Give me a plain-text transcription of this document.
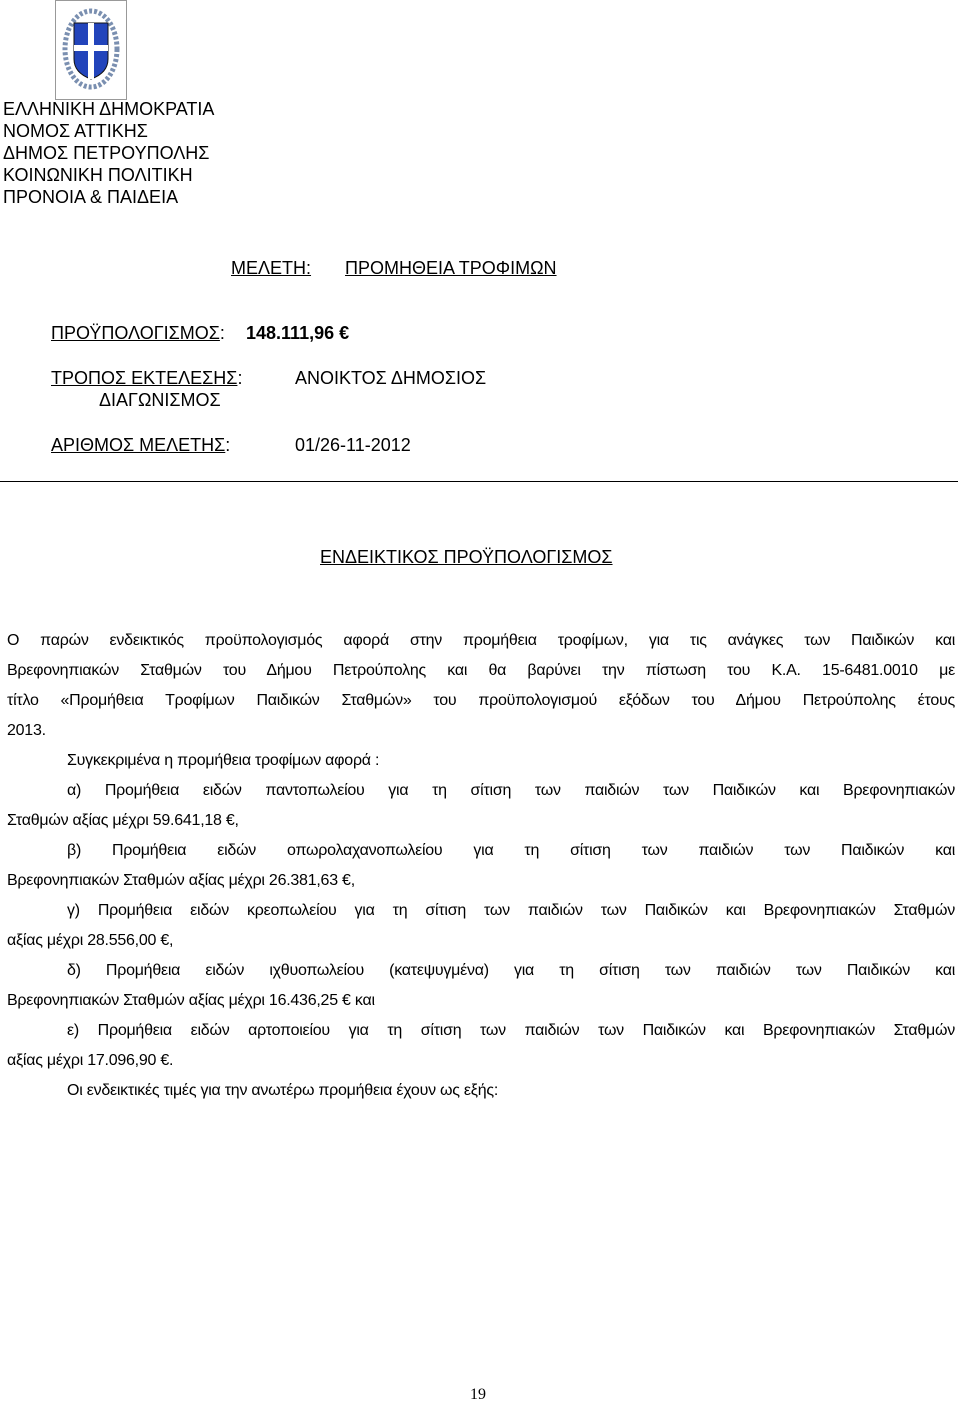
ΕΛΛΗΝΙΚΗ ΔΗΜΟΚΡΑΤΙΑ
ΝΟΜΟΣ ΑΤΤΙΚΗΣ
ΔΗΜΟΣ ΠΕΤΡΟΥΠΟΛΗΣ
ΚΟΙΝΩΝΙΚΗ ΠΟΛΙΤΙΚΗ
ΠΡΟΝΟΙΑ & ΠΑΙΔΕΙΑ
ΜΕΛΕΤΗ: ΠΡΟΜΗΘΕΙΑ ΤΡΟΦΙΜΩΝ
ΠΡΟΫΠΟΛΟΓΙΣΜΟΣ: 148.111,96 €
ΤΡΟΠΟΣ ΕΚΤΕΛΕΣΗΣ:	ΑΝΟΙΚΤΟΣ ΔΗΜΟΣΙΟΣ
ΔΙΑΓΩΝΙΣΜΟΣ
ΑΡΙΘΜΟΣ ΜΕΛΕΤΗΣ:	01/26-11-2012
ΕΝΔΕΙΚΤΙΚΟΣ ΠΡΟΫΠΟΛΟΓΙΣΜΟΣ
Ο παρών ενδεικτικός προϋπολογισμός αφορά στην προμήθεια τροφίμων, για τις ανάγκες των Παιδικών και
Βρεφονηπιακών Σταθμών του Δήμου Πετρούπολης και θα βαρύνει την πίστωση του Κ.Α. 15-6481.0010 με
τίτλο «Προμήθεια Τροφίμων Παιδικών Σταθμών» του προϋπολογισμού εξόδων του Δήμου Πετρούπολης έτους
2013.
Συγκεκριμένα η προμήθεια τροφίμων αφορά :
α) Προμήθεια ειδών παντοπωλείου για τη σίτιση των παιδιών των Παιδικών και Βρεφονηπιακών
Σταθμών αξίας μέχρι 59.641,18 €,
β) Προμήθεια ειδών οπωρολαχανοπωλείου για τη σίτιση των παιδιών των Παιδικών και
Βρεφονηπιακών Σταθμών αξίας μέχρι 26.381,63 €,
γ) Προμήθεια ειδών κρεοπωλείου για τη σίτιση των παιδιών των Παιδικών και Βρεφονηπιακών Σταθμών
αξίας μέχρι 28.556,00 €,
δ) Προμήθεια ειδών ιχθυοπωλείου (κατεψυγμένα) για τη σίτιση των παιδιών των Παιδικών και
Βρεφονηπιακών Σταθμών αξίας μέχρι 16.436,25 € και
ε) Προμήθεια ειδών αρτοποιείου για τη σίτιση των παιδιών των Παιδικών και Βρεφονηπιακών Σταθμών
αξίας μέχρι 17.096,90 €.
Οι ενδεικτικές τιμές για την ανωτέρω προμήθεια έχουν ως εξής:
19
